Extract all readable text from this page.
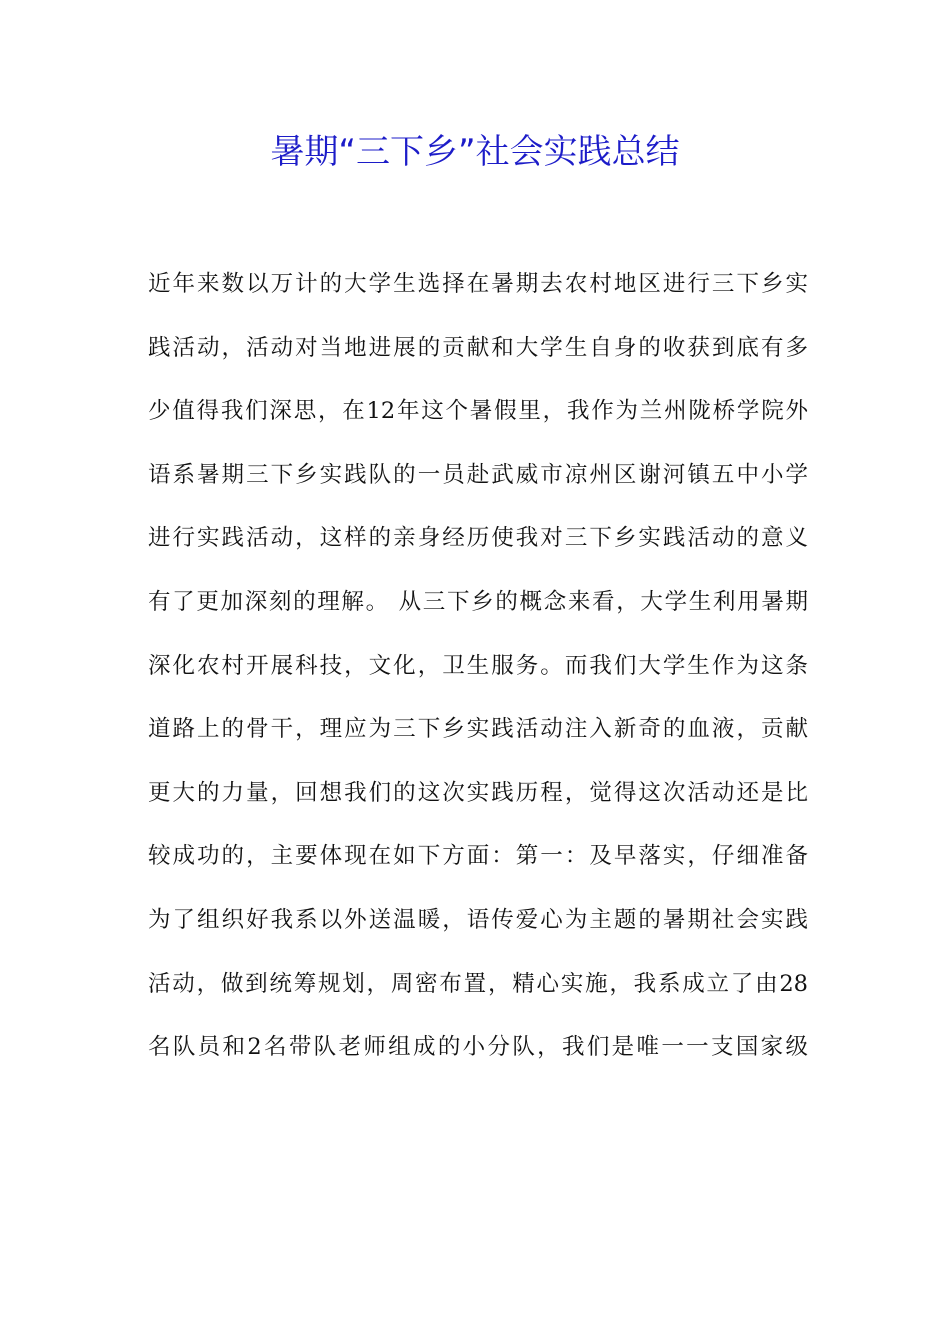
暑期“三下乡”社会实践总结
近年来数以万计的大学生选择在暑期去农村地区进行三下乡实
践活动，活动对当地进展的贡献和大学生自身的收获到底有多
少值得我们深思，在12年这个暑假里，我作为兰州陇桥学院外
语系暑期三下乡实践队的一员赴武威市凉州区谢河镇五中小学
进行实践活动，这样的亲身经历使我对三下乡实践活动的意义
有了更加深刻的理解。 从三下乡的概念来看，大学生利用暑期
深化农村开展科技，文化，卫生服务。而我们大学生作为这条
道路上的骨干，理应为三下乡实践活动注入新奇的血液，贡献
更大的力量，回想我们的这次实践历程，觉得这次活动还是比
较成功的，主要体现在如下方面：第一：及早落实，仔细准备
为了组织好我系以外送温暖，语传爱心为主题的暑期社会实践
活动，做到统筹规划，周密布置，精心实施，我系成立了由28
名队员和2名带队老师组成的小分队，我们是唯一一支国家级
